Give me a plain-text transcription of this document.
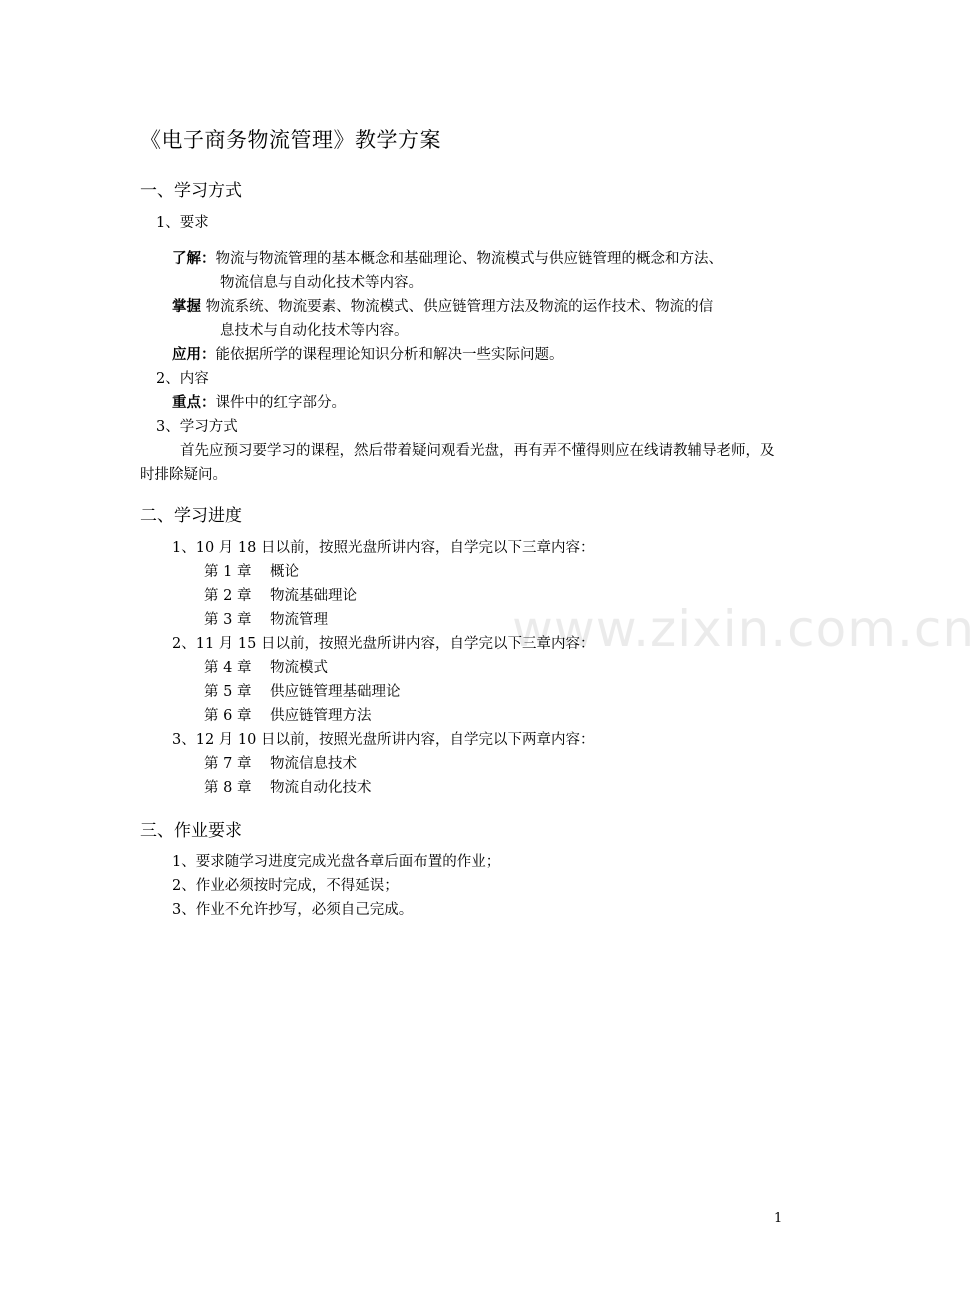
www.zixin.com.cn
《电子商务物流管理》教学方案
一、学习方式
1、要求
了解：物流与物流管理的基本概念和基础理论、物流模式与供应链管理的概念和方法、
物流信息与自动化技术等内容。
掌握 物流系统、物流要素、物流模式、供应链管理方法及物流的运作技术、物流的信
息技术与自动化技术等内容。
应用：能依据所学的课程理论知识分析和解决一些实际问题。
2、内容
重点：课件中的红字部分。
3、学习方式
首先应预习要学习的课程，然后带着疑问观看光盘，再有弄不懂得则应在线请教辅导老师，及时排除疑问。
二、学习进度
1、10 月 18 日以前，按照光盘所讲内容，自学完以下三章内容：
第 1 章 概论
第 2 章 物流基础理论
第 3 章 物流管理
2、11 月 15 日以前，按照光盘所讲内容，自学完以下三章内容：
第 4 章 物流模式
第 5 章 供应链管理基础理论
第 6 章 供应链管理方法
3、12 月 10 日以前，按照光盘所讲内容，自学完以下两章内容：
第 7 章 物流信息技术
第 8 章 物流自动化技术
三、作业要求
1、要求随学习进度完成光盘各章后面布置的作业；
2、作业必须按时完成，不得延误；
3、作业不允许抄写，必须自己完成。
1
